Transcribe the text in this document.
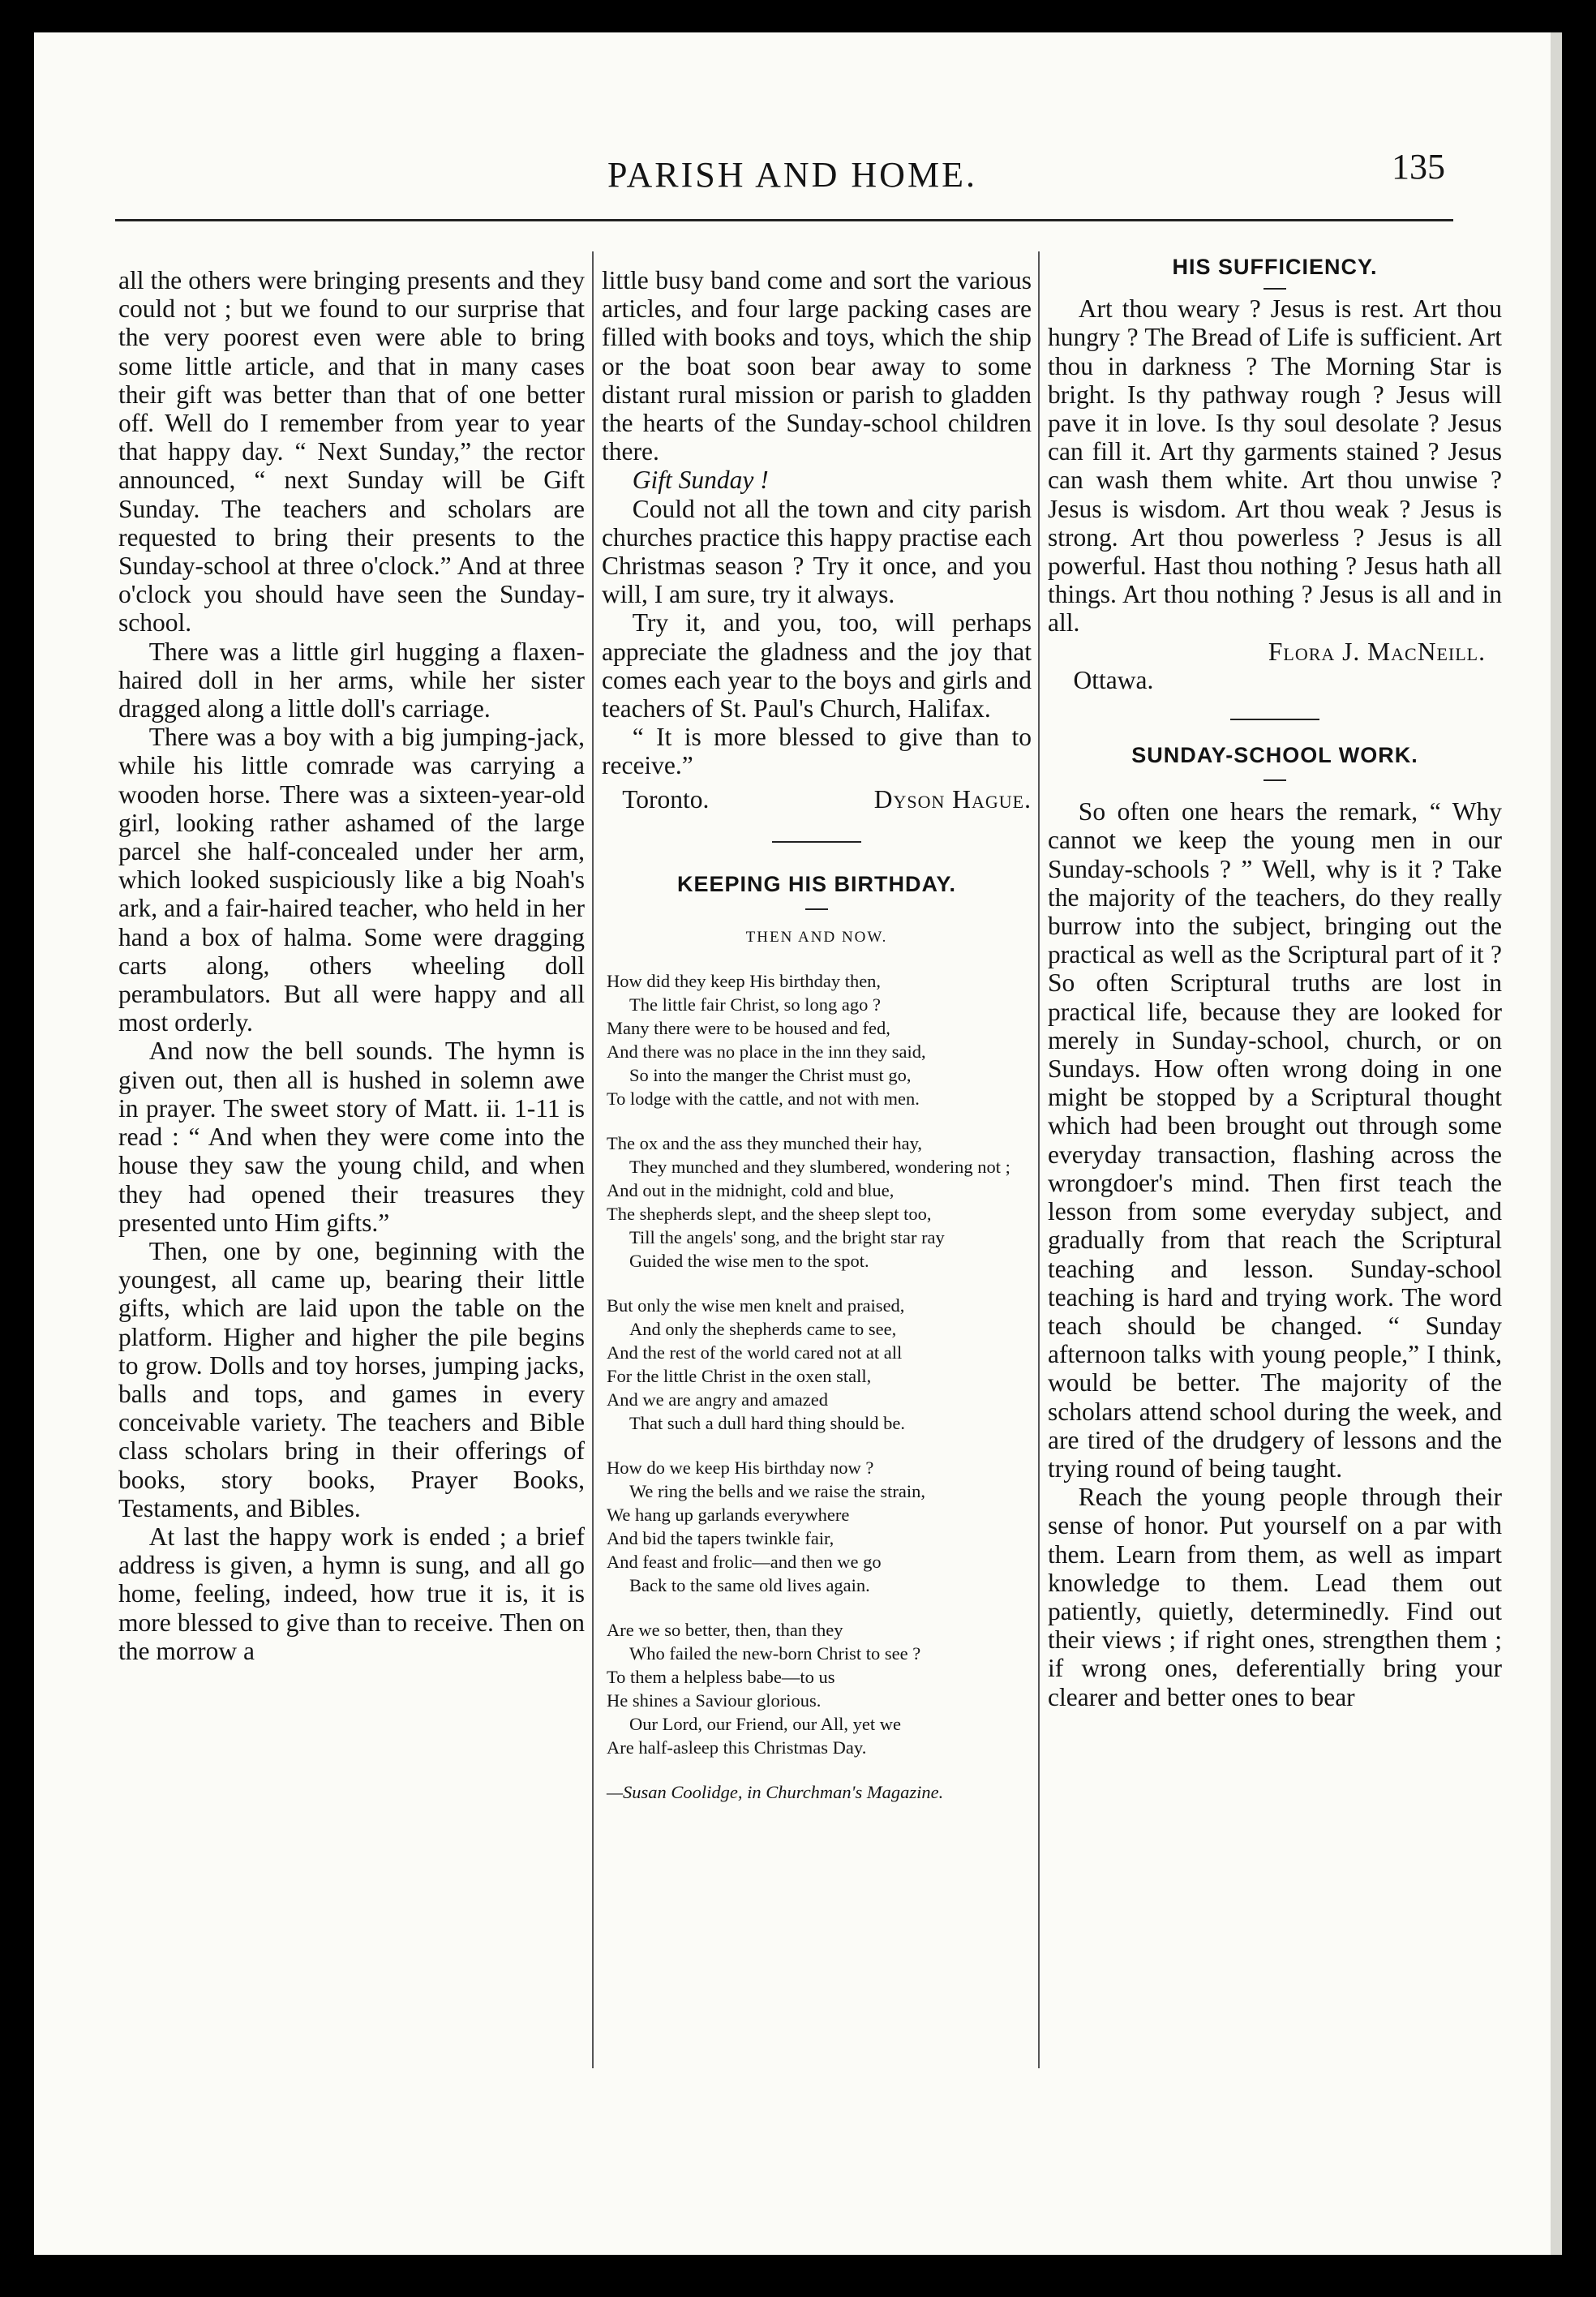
PARISH AND HOME.	135

all the others were bringing presents and they could not ; but we found to our surprise that the very poorest even were able to bring some little article, and that in many cases their gift was better than that of one better off. Well do I remember from year to year that happy day. “ Next Sunday,” the rector announced, “ next Sunday will be Gift Sunday. The teachers and scholars are requested to bring their presents to the Sunday-school at three o'clock.” And at three o'clock you should have seen the Sunday-school.

There was a little girl hugging a flaxen-haired doll in her arms, while her sister dragged along a little doll's carriage.

There was a boy with a big jumping-jack, while his little comrade was carrying a wooden horse. There was a sixteen-year-old girl, looking rather ashamed of the large parcel she half-concealed under her arm, which looked suspiciously like a big Noah's ark, and a fair-haired teacher, who held in her hand a box of halma. Some were dragging carts along, others wheeling doll perambulators. But all were happy and all most orderly.

And now the bell sounds. The hymn is given out, then all is hushed in solemn awe in prayer. The sweet story of Matt. ii. 1-11 is read : “ And when they were come into the house they saw the young child, and when they had opened their treasures they presented unto Him gifts.”

Then, one by one, beginning with the youngest, all came up, bearing their little gifts, which are laid upon the table on the platform. Higher and higher the pile begins to grow. Dolls and toy horses, jumping jacks, balls and tops, and games in every conceivable variety. The teachers and Bible class scholars bring in their offerings of books, story books, Prayer Books, Testaments, and Bibles.

At last the happy work is ended ; a brief address is given, a hymn is sung, and all go home, feeling, indeed, how true it is, it is more blessed to give than to receive. Then on the morrow a

little busy band come and sort the various articles, and four large packing cases are filled with books and toys, which the ship or the boat soon bear away to some distant rural mission or parish to gladden the hearts of the Sunday-school children there.

Gift Sunday !

Could not all the town and city parish churches practice this happy practise each Christmas season ? Try it once, and you will, I am sure, try it always.

Try it, and you, too, will perhaps appreciate the gladness and the joy that comes each year to the boys and girls and teachers of St. Paul's Church, Halifax.

“ It is more blessed to give than to receive.”

Toronto.	Dyson Hague.
KEEPING HIS BIRTHDAY.
THEN AND NOW.
How did they keep His birthday then,
The little fair Christ, so long ago ?
Many there were to be housed and fed,
And there was no place in the inn they said,
So into the manger the Christ must go,
To lodge with the cattle, and not with men.
The ox and the ass they munched their hay,
They munched and they slumbered, wondering not ;
And out in the midnight, cold and blue,
The shepherds slept, and the sheep slept too,
Till the angels' song, and the bright star ray
Guided the wise men to the spot.
But only the wise men knelt and praised,
And only the shepherds came to see,
And the rest of the world cared not at all
For the little Christ in the oxen stall,
And we are angry and amazed
That such a dull hard thing should be.
How do we keep His birthday now ?
We ring the bells and we raise the strain,
We hang up garlands everywhere
And bid the tapers twinkle fair,
And feast and frolic—and then we go
Back to the same old lives again.
Are we so better, then, than they
Who failed the new-born Christ to see ?
To them a helpless babe—to us
He shines a Saviour glorious.
Our Lord, our Friend, our All, yet we
Are half-asleep this Christmas Day.
—Susan Coolidge, in Churchman's Magazine.
HIS SUFFICIENCY.

Art thou weary ? Jesus is rest. Art thou hungry ? The Bread of Life is sufficient. Art thou in darkness ? The Morning Star is bright. Is thy pathway rough ? Jesus will pave it in love. Is thy soul desolate ? Jesus can fill it. Art thy garments stained ? Jesus can wash them white. Art thou unwise ? Jesus is wisdom. Art thou weak ? Jesus is strong. Art thou powerless ? Jesus is all powerful. Hast thou nothing ? Jesus hath all things. Art thou nothing ? Jesus is all and in all.

Flora J. MacNeill.
Ottawa.
SUNDAY-SCHOOL WORK.

So often one hears the remark, “ Why cannot we keep the young men in our Sunday-schools ? ” Well, why is it ? Take the majority of the teachers, do they really burrow into the subject, bringing out the practical as well as the Scriptural part of it ? So often Scriptural truths are lost in practical life, because they are looked for merely in Sunday-school, church, or on Sundays. How often wrong doing in one might be stopped by a Scriptural thought which had been brought out through some everyday transaction, flashing across the wrongdoer's mind. Then first teach the lesson from some everyday subject, and gradually from that reach the Scriptural teaching and lesson. Sunday-school teaching is hard and trying work. The word teach should be changed. “ Sunday afternoon talks with young people,” I think, would be better. The majority of the scholars attend school during the week, and are tired of the drudgery of lessons and the trying round of being taught.

Reach the young people through their sense of honor. Put yourself on a par with them. Learn from them, as well as impart knowledge to them. Lead them out patiently, quietly, determinedly. Find out their views ; if right ones, strengthen them ; if wrong ones, deferentially bring your clearer and better ones to bear
